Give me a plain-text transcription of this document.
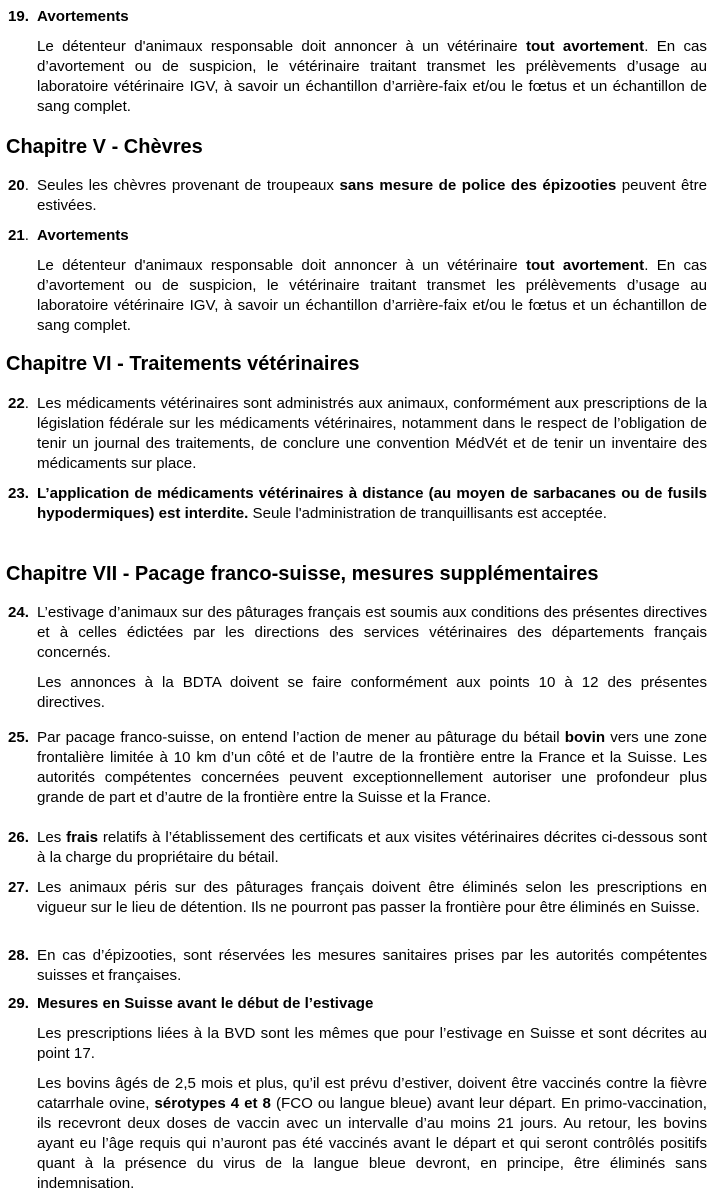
19. Avortements

Le détenteur d'animaux responsable doit annoncer à un vétérinaire tout avortement. En cas d’avortement ou de suspicion, le vétérinaire traitant transmet les prélèvements d’usage au laboratoire vétérinaire IGV, à savoir un échantillon d’arrière-faix et/ou le fœtus et un échantillon de sang complet.

Chapitre V - Chèvres
20. Seules les chèvres provenant de troupeaux sans mesure de police des épizooties peuvent être estivées.

21. Avortements

Le détenteur d'animaux responsable doit annoncer à un vétérinaire tout avortement. En cas d’avortement ou de suspicion, le vétérinaire traitant transmet les prélèvements d’usage au laboratoire vétérinaire IGV, à savoir un échantillon d’arrière-faix et/ou le fœtus et un échantillon de sang complet.

Chapitre VI - Traitements vétérinaires
22. Les médicaments vétérinaires sont administrés aux animaux, conformément aux prescriptions de la législation fédérale sur les médicaments vétérinaires, notamment dans le respect de l’obligation de tenir un journal des traitements, de conclure une convention MédVét et de tenir un inventaire des médicaments sur place.

23. L’application de médicaments vétérinaires à distance (au moyen de sarbacanes ou de fusils hypodermiques) est interdite. Seule l'administration de tranquillisants est acceptée.

Chapitre VII - Pacage franco-suisse, mesures supplémentaires
24. L’estivage d’animaux sur des pâturages français est soumis aux conditions des présentes directives et à celles édictées par les directions des services vétérinaires des départements français concernés.

Les annonces à la BDTA doivent se faire conformément aux points 10 à 12 des présentes directives.

25. Par pacage franco-suisse, on entend l’action de mener au pâturage du bétail bovin vers une zone frontalière limitée à 10 km d’un côté et de l’autre de la frontière entre la France et la Suisse. Les autorités compétentes concernées peuvent exceptionnellement autoriser une profondeur plus grande de part et d’autre de la frontière entre la Suisse et la France.

26. Les frais relatifs à l’établissement des certificats et aux visites vétérinaires décrites ci-dessous sont à la charge du propriétaire du bétail.

27. Les animaux péris sur des pâturages français doivent être éliminés selon les prescriptions en vigueur sur le lieu de détention. Ils ne pourront pas passer la frontière pour être éliminés en Suisse.

28. En cas d’épizooties, sont réservées les mesures sanitaires prises par les autorités compétentes suisses et françaises.

29. Mesures en Suisse avant le début de l’estivage

Les prescriptions liées à la BVD sont les mêmes que pour l’estivage en Suisse et sont décrites au point 17.

Les bovins âgés de 2,5 mois et plus, qu’il est prévu d’estiver, doivent être vaccinés contre la fièvre catarrhale ovine, sérotypes 4 et 8 (FCO ou langue bleue) avant leur départ. En primo-vaccination, ils recevront deux doses de vaccin avec un intervalle d’au moins 21 jours. Au retour, les bovins ayant eu l’âge requis qui n’auront pas été vaccinés avant le départ et qui seront contrôlés positifs quant à la présence du virus de la langue bleue devront, en principe, être éliminés sans indemnisation.
